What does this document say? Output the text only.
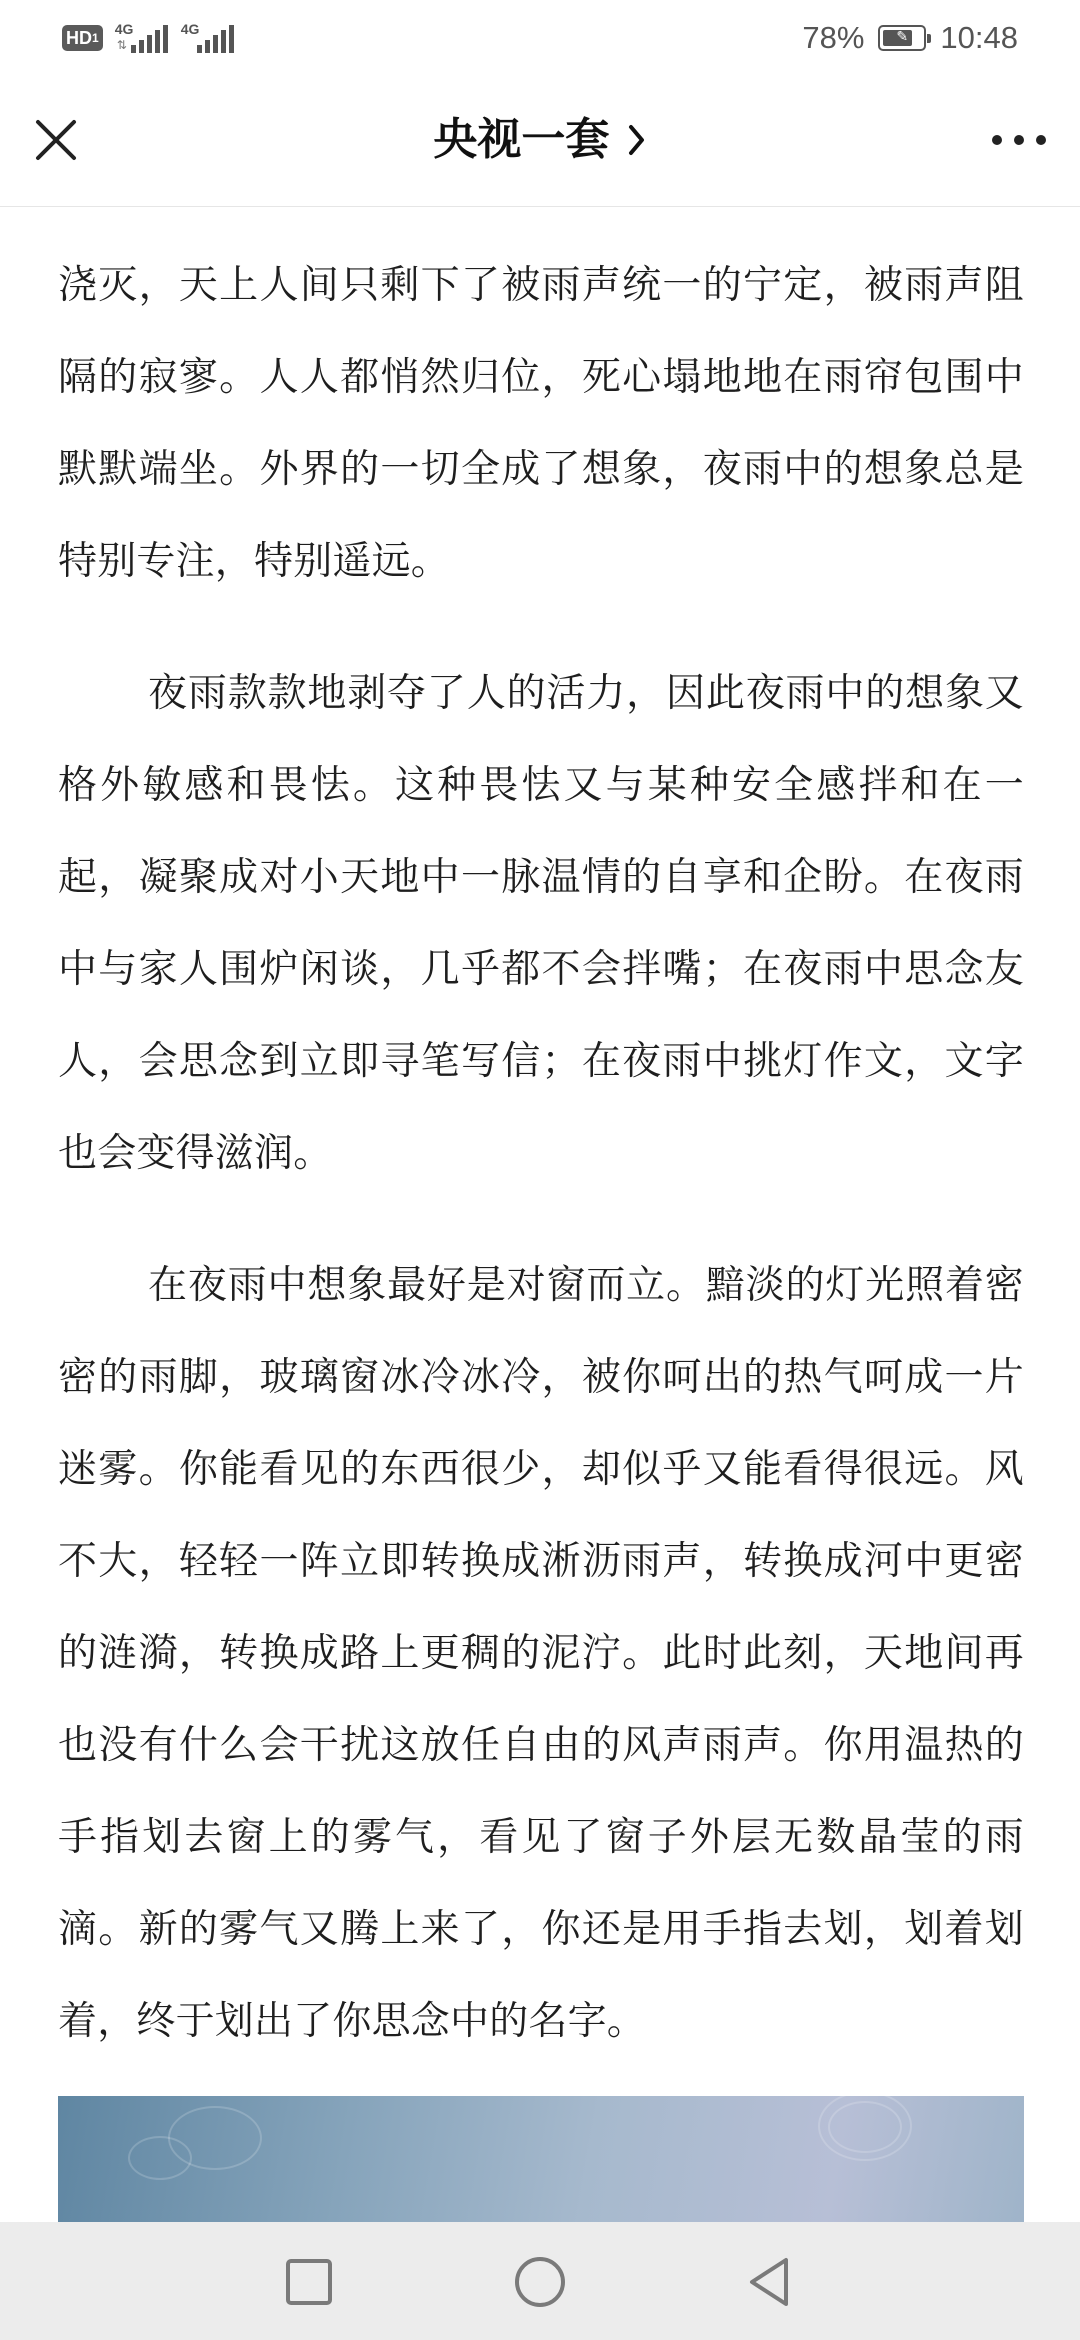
HD1
4G
⇅
4G	78% ✎ 10:48
央视一套

浇灭，天上人间只剩下了被雨声统一的宁定，被雨声阻隔的寂寥。人人都悄然归位，死心塌地地在雨帘包围中默默端坐。外界的一切全成了想象，夜雨中的想象总是特别专注，特别遥远。

夜雨款款地剥夺了人的活力，因此夜雨中的想象又格外敏感和畏怯。这种畏怯又与某种安全感拌和在一起，凝聚成对小天地中一脉温情的自享和企盼。在夜雨中与家人围炉闲谈，几乎都不会拌嘴；在夜雨中思念友人，会思念到立即寻笔写信；在夜雨中挑灯作文，文字也会变得滋润。

在夜雨中想象最好是对窗而立。黯淡的灯光照着密密的雨脚，玻璃窗冰冷冰冷，被你呵出的热气呵成一片迷雾。你能看见的东西很少，却似乎又能看得很远。风不大，轻轻一阵立即转换成淅沥雨声，转换成河中更密的涟漪，转换成路上更稠的泥泞。此时此刻，天地间再也没有什么会干扰这放任自由的风声雨声。你用温热的手指划去窗上的雾气，看见了窗子外层无数晶莹的雨滴。新的雾气又腾上来了，你还是用手指去划，划着划着，终于划出了你思念中的名字。
